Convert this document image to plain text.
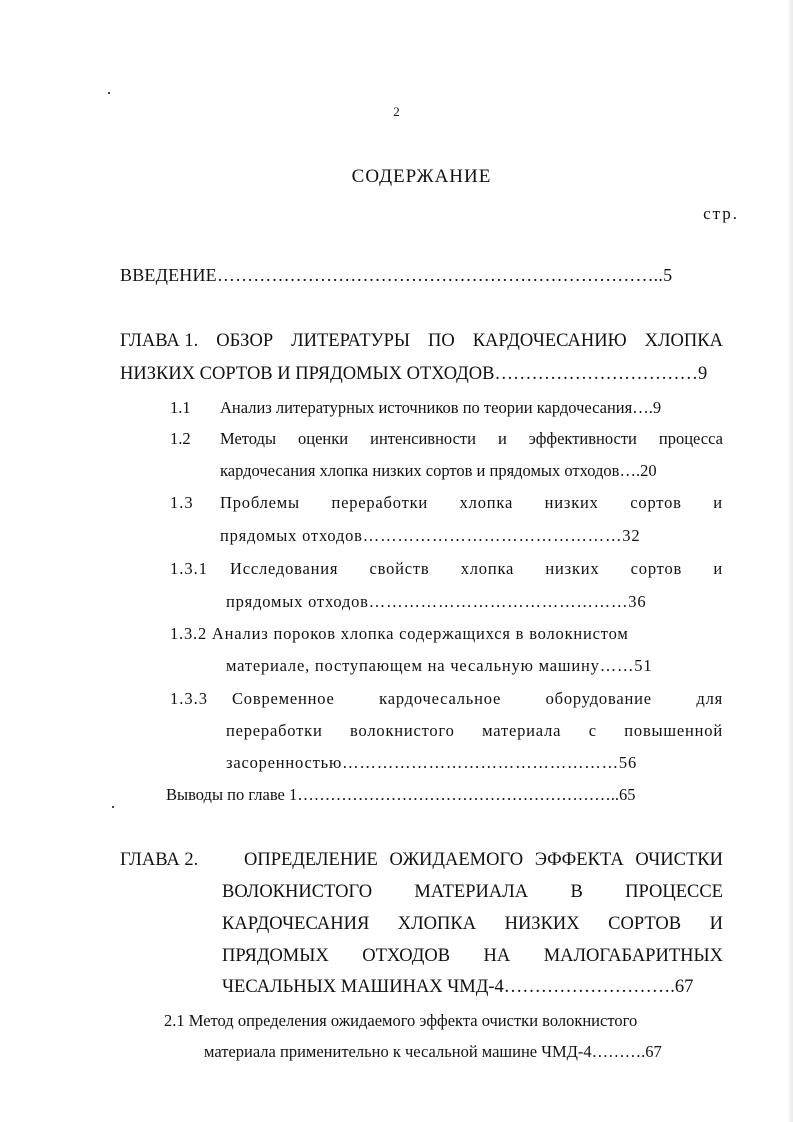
2
СОДЕРЖАНИЕ
стр.
ВВЕДЕНИЕ………………………………………………………………..5
ГЛАВА 1. ОБЗОР ЛИТЕРАТУРЫ ПО КАРДОЧЕСАНИЮ ХЛОПКА
НИЗКИХ СОРТОВ И ПРЯДОМЫХ ОТХОДОВ……………………………9
1.1 Анализ литературных источников по теории кардочесания….9
1.2 Методы оценки интенсивности и эффективности процесса
кардочесания хлопка низких сортов и прядомых отходов….20
1.3 Проблемы переработки хлопка низких сортов и
прядомых отходов………………………………………32
1.3.1 Исследования свойств хлопка низких сортов и
прядомых отходов………………………………………36
1.3.2 Анализ пороков хлопка содержащихся в волокнистом
материале, поступающем на чесальную машину……51
1.3.3 Современное	кардочесальное	оборудование	для
переработки волокнистого материала с повышенной
засоренностью…………………………………………56
Выводы по главе 1…………………………………………………..65
ГЛАВА 2. ОПРЕДЕЛЕНИЕ ОЖИДАЕМОГО ЭФФЕКТА ОЧИСТКИ
ВОЛОКНИСТОГО МАТЕРИАЛА В ПРОЦЕССЕ
КАРДОЧЕСАНИЯ ХЛОПКА НИЗКИХ СОРТОВ И
ПРЯДОМЫХ ОТХОДОВ НА МАЛОГАБАРИТНЫХ
ЧЕСАЛЬНЫХ МАШИНАХ ЧМД-4……………………….67
2.1 Метод определения ожидаемого эффекта очистки волокнистого
материала применительно к чесальной машине ЧМД-4……….67
